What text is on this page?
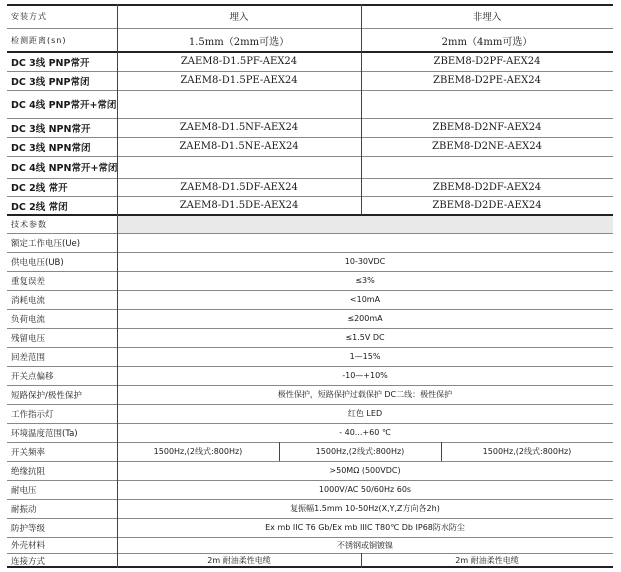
安装方式	埋入	非埋入
检测距离(sn)	1.5mm（2mm可选）	2mm（4mm可选）
DC 3线 PNP常开	ZAEM8-D1.5PF-AEX24	ZBEM8-D2PF-AEX24
DC 3线 PNP常闭	ZAEM8-D1.5PE-AEX24	ZBEM8-D2PE-AEX24
DC 4线 PNP常开+常闭
DC 3线 NPN常开	ZAEM8-D1.5NF-AEX24	ZBEM8-D2NF-AEX24
DC 3线 NPN常闭	ZAEM8-D1.5NE-AEX24	ZBEM8-D2NE-AEX24
DC 4线 NPN常开+常闭
DC 2线 常开	ZAEM8-D1.5DF-AEX24	ZBEM8-D2DF-AEX24
DC 2线 常闭	ZAEM8-D1.5DE-AEX24	ZBEM8-D2DE-AEX24
技术参数
额定工作电压(Ue)
供电电压(UB)	10-30VDC
重复误差	≤3%
消耗电流	<10mA
负荷电流	≤200mA
残留电压	≤1.5V DC
回差范围	1—15%
开关点偏移	-10—+10%
短路保护/极性保护	极性保护，短路保护过载保护 DC二线：极性保护
工作指示灯	红色 LED
环境温度范围(Ta)	- 40...+60 ℃
开关频率	1500Hz,(2线式:800Hz)	1500Hz,(2线式:800Hz)	1500Hz,(2线式:800Hz)
绝缘抗阻	>50MΩ (500VDC)
耐电压	1000V/AC 50/60Hz 60s
耐振动	复振幅1.5mm 10-50Hz(X,Y,Z方向各2h)
防护等级	Ex mb IIC T6 Gb/Ex mb IIIC T80℃ Db IP68防水防尘
外壳材料	不锈钢或铜镀镍
连接方式	2m 耐油柔性电缆	2m 耐油柔性电缆
